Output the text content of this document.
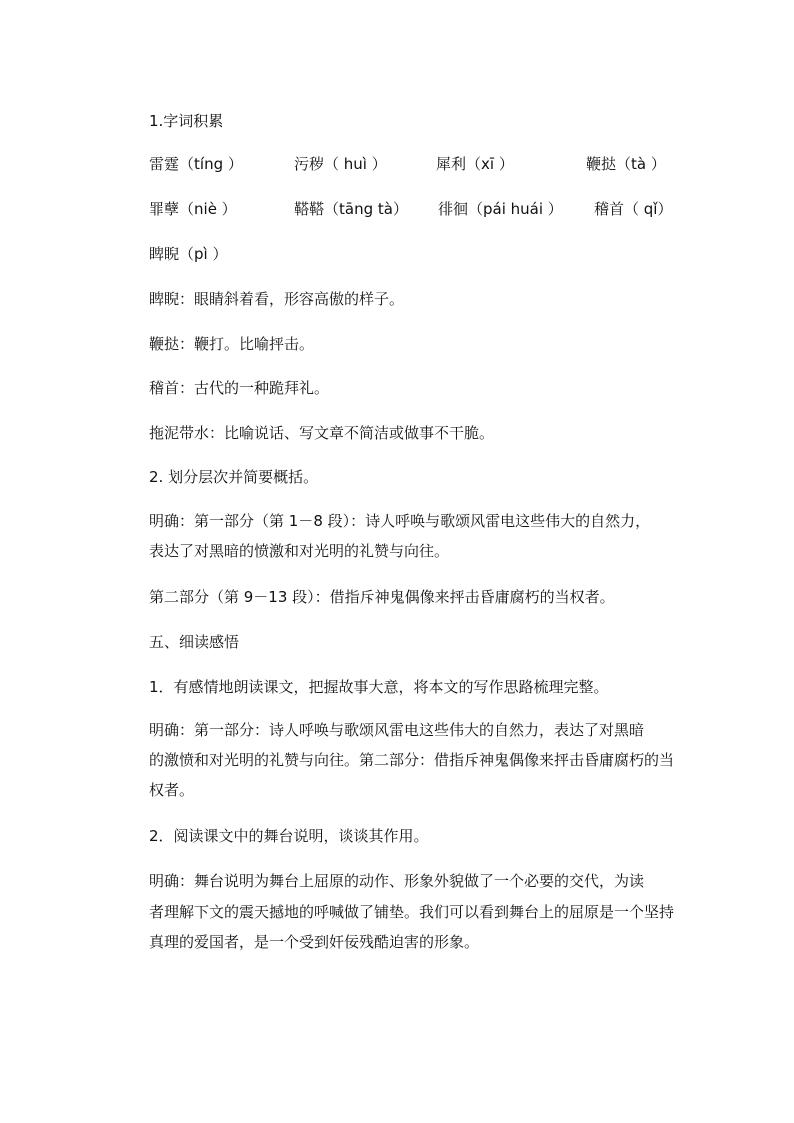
1.字词积累
雷霆（tíng ）	污秽（ huì ）	犀利（xī ）	鞭挞（tà ）
罪孽（niè ）	鞳鞳（tāng tà） 徘徊（pái huái ） 稽首（ qǐ）
睥睨（pì ）
睥睨：眼睛斜着看，形容高傲的样子。
鞭挞：鞭打。比喻抨击。
稽首：古代的一种跪拜礼。
拖泥带水：比喻说话、写文章不简洁或做事不干脆。
2. 划分层次并简要概括。
明确：第一部分（第 1－8 段）：诗人呼唤与歌颂风雷电这些伟大的自然力，
表达了对黑暗的愤激和对光明的礼赞与向往。
第二部分（第 9－13 段）：借指斥神鬼偶像来抨击昏庸腐朽的当权者。
五、细读感悟
1．有感情地朗读课文，把握故事大意，将本文的写作思路梳理完整。
明确：第一部分：诗人呼唤与歌颂风雷电这些伟大的自然力，表达了对黑暗
的激愤和对光明的礼赞与向往。第二部分：借指斥神鬼偶像来抨击昏庸腐朽的当
权者。
2．阅读课文中的舞台说明，谈谈其作用。
明确：舞台说明为舞台上屈原的动作、形象外貌做了一个必要的交代，为读
者理解下文的震天撼地的呼喊做了铺垫。我们可以看到舞台上的屈原是一个坚持
真理的爱国者，是一个受到奸佞残酷迫害的形象。
